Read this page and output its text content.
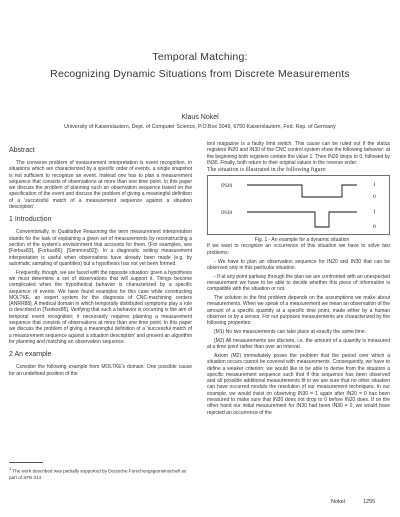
Temporal Matching:
Recognizing Dynamic Situations from Discrete Measurements
Klaus Nokel
University of Kaiserslautern, Dept. of Computer Science, P.O.Box 3049, 6750 Kaiserslautern, Fed. Rep. of Germany
Abstract

The converse problem of measurement interpretation is event recognition, in situations which are characterized by a specific order of events, a single snapshot is not sufficient to recognize an event. Instead one has to plan a measurement sequence that consists of observations at more than one time point. In this paper we discuss the problem of planning such an observation sequence based on the specification of the event and discuss the problem of giving a meaningful definition of a 'successful match of a measurement sequence against a situation description'.

1 Introduction

Conventionally, in Qualitative Reasoning the term measurement interpretation stands for the task of explaining a given set of measurements by reconstructing a section of the system's envisionment that accounts for them. (For examples, see [Forbus83], [Forbus86], [Simmons82]). In a diagnostic setting measurement interpretation is useful when observations have already been made (e.g. by automatic sampling of quantities) but a hypothesis has not yet been formed.

Frequently, though, we are faced with the opposite situation: given a hypothesis we must determine a set of observations that will support it. Things become complicated when the hypothetical behavior is characterized by a specific sequence of events. We have found examples for this case while constructing MOLTKE, an expert system for the diagnosis of CNC-machining centers [ANRR88]. A medical domain in which temporally distributed symptoms play a role is described in [Tsotsos85]. Verifying that such a behavior is occurring is the aim of temporal event recognition; it necessarily requires planning a measurement sequence that consists of observations at more than one time point. In this paper we discuss the problem of giving a meaningful definition of a 'successful match of a measurement sequence against a situation description' and present an algorithm for planning and matching an observation sequence.

2 An example

Consider the following example from MOLTKE's domain: One possible cause for an undefined position of the

$^1$ The work described was partially supported by Deutsche Forschungsgemeinschaft as part of SFB 314

tool magazine is a faulty limit switch. This cause can be ruled out if the status registers IN20 and IN30 of the CNC control system show the following behavior: at the beginning both registers contain the value 1. Then IN20 drops to 0, followed by IN30. Finally, both return to their original values in the reverse order.

The situation is illustrated in the following figure:

IN20
IN30
1
0
1
0

Fig. 1 - An example for a dynamic situation

If we want to recognize an occurrence of this situation we have to solve two problems:

- We have to plan an observation sequence for IN20 and IN30 that can be observed only in this particular situation.

- If at any point partway through the plan we are confronted with an unexpected measurement we have to be able to decide whether this piece of information is compatible with the situation or not.

The solution to the first problem depends on the assumptions we make about measurements. When we speak of a measurement we mean an observation of the amount of a specific quantity at a specific time point, made either by a human observer or by a sensor. For our purposes measurements are characterized by the following properties:

(M1) No two measurements can take place at exactly the same time.

(M2) All measurements are discrete, i.e. the amount of a quantity is measured at a time point rather than over an interval.

Axiom (M2) immediately poses the problem that the period over which a situation occurs cannot be covered with measurements. Consequently, we have to define a weaker criterion: we would like to be able to derive from the situation a specific measurement sequence such that if this sequence has been observed and all possible additional measurements fit in we are sure that no other situation can have occurred modulo the resolution of our measurement techniques. In our example, we would insist on observing IN30 = 1 again after IN20 = 0 has been measured to make sure that IN30 does not drop to 0 before IN20 does. If on the other hand our initial measurement for IN30 had been IN30 = 0, we would have rejected an occurrence of the

Nokel	1255
